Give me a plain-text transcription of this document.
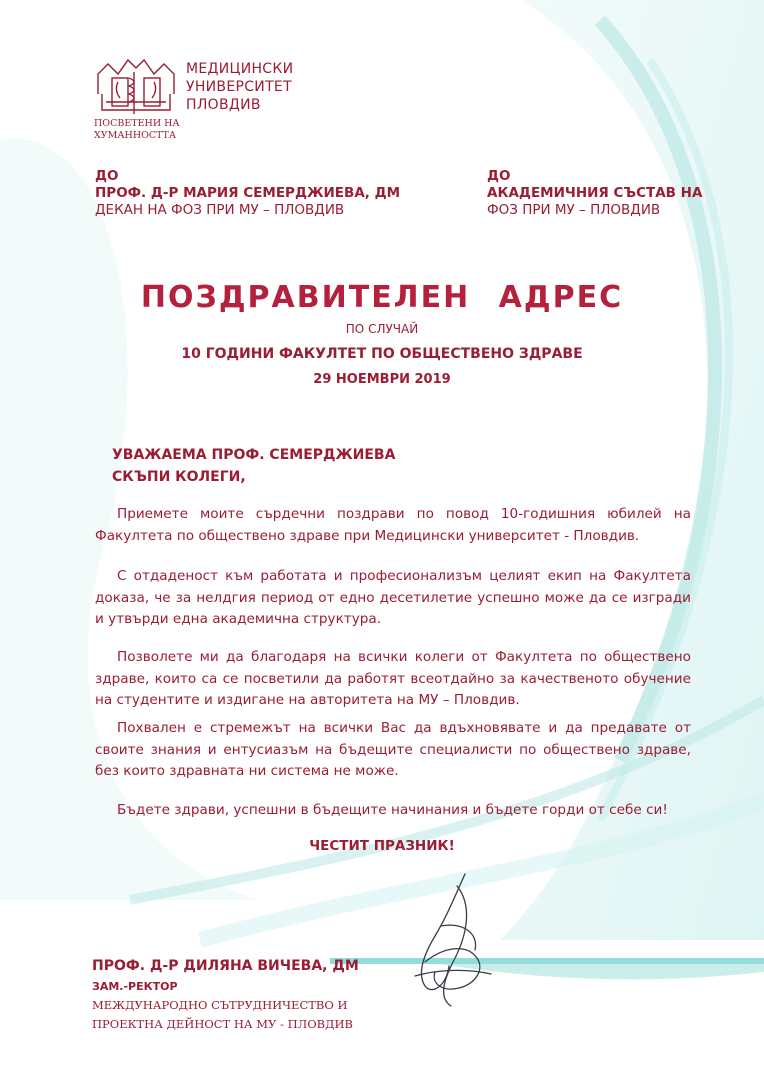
МЕДИЦИНСКИ
УНИВЕРСИТЕТ
ПЛОВДИВ
ПОСВЕТЕНИ НА
ХУМАННОСТТА
ДО
ПРОФ. Д-Р МАРИЯ СЕМЕРДЖИЕВА, ДМ
ДЕКАН НА ФОЗ ПРИ МУ – ПЛОВДИВ
ДО
АКАДЕМИЧНИЯ СЪСТАВ НА
ФОЗ ПРИ МУ – ПЛОВДИВ
ПОЗДРАВИТЕЛЕН АДРЕС
ПО СЛУЧАЙ
10 ГОДИНИ ФАКУЛТЕТ ПО ОБЩЕСТВЕНО ЗДРАВЕ
29 НОЕМВРИ 2019
УВАЖАЕМА ПРОФ. СЕМЕРДЖИЕВА
СКЪПИ КОЛЕГИ,
Приемете моите сърдечни поздрави по повод 10-годишния юбилей на Факултета по обществено здраве при Медицински университет - Пловдив.
С отдаденост към работата и професионализъм целият екип на Факултета доказа, че за нелдгия период от едно десетилетие успешно може да се изгради и утвърди една академична структура.
Позволете ми да благодаря на всички колеги от Факултета по обществено здраве, които са се посветили да работят всеотдайно за качественото обучение на студентите и издигане на авторитета на МУ – Пловдив.
Похвален е стремежът на всички Вас да вдъхновявате и да предавате от своите знания и ентусиазъм на бъдещите специалисти по обществено здраве, без които здравната ни система не може.
Бъдете здрави, успешни в бъдещите начинания и бъдете горди от себе си!
ЧЕСТИТ ПРАЗНИК!
ПРОФ. Д-Р ДИЛЯНА ВИЧЕВА, ДМ
ЗАМ.-РЕКТОР
МЕЖДУНАРОДНО СЪТРУДНИЧЕСТВО И
ПРОЕКТНА ДЕЙНОСТ НА МУ - ПЛОВДИВ
